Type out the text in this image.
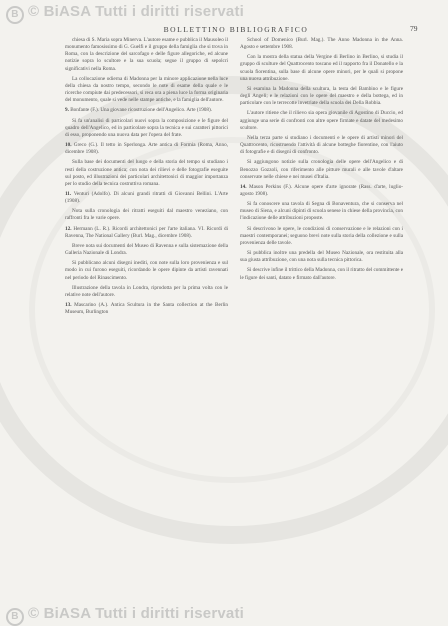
B © BiASA Tutti i diritti riservati
BOLLETTINO BIBLIOGRAFICO	79

chiesa di S. Maria sopra Minerva. L'autore esame e pubblica il Mausoleo il monumento famosissimo di G. Guelfi e il gruppo della famiglia che si trova in Roma, con la descrizione del sarcofago e delle figure allegoriche, ed alcune notizie sopra lo scultore e la sua scuola; segue il gruppo di sepolcri significativi nella Roma.

La collocazione odierna di Madonna per la minore applicazione nella luce della chiesa da nostro tempo, secondo le note di esame della quale e le ricerche compiute dai predecessori, si reca ora a piena luce la forma originaria del monumento, quale si vede nelle stampe antiche, e la famiglia dell'autore.

9. Bonfante (F.). Una giovane ricostruzione dell'Angelico. Arte (1908).

Si fa un'analisi di particolari nuovi sopra la composizione e le figure del quadro dell'Angelico, ed in particolare sopra la tecnica e sui caratteri pittorici di esso, proponendo una nuova data per l'opera del frate.

10. Greco (G.). Il tetto in Sperlonga. Arte antica di Formia (Roma, Anno, dicembre 1908).

Sulla base dei documenti del luogo e della storia del tempo si studiano i resti della costruzione antica; con nota dei rilievi e delle fotografie eseguite sul posto, ed illustrazioni dei particolari architettonici di maggior importanza per lo studio della tecnica costruttiva romana.

11. Venturi (Adolfo). Di alcuni grandi ritratti di Giovanni Bellini. L'Arte (1908).

Nota sulla cronologia dei ritratti eseguiti dal maestro veneziano, con raffronti fra le varie opere.

12. Hermann (L. R.). Ricordi architettonici per l'arte italiana. VI. Ricordi di Ravenna, The National Gallery (Burl. Mag., dicembre 1908).

Breve nota sui documenti del Museo di Ravenna e sulla sistemazione della Galleria Nazionale di Londra.

Si pubblicano alcuni disegni inediti, con note sulla loro provenienza e sul modo in cui furono eseguiti, ricordando le opere dipinte da artisti ravennati nel periodo del Rinascimento.

Illustrazione della tavola in Londra, riprodotta per la prima volta con le relative note dell'autore.

13. Mascarino (A.). Antica Scultura in the Santa collection at the Berlin Museum, Burlington

School of Domenico (Burl. Mag.). The Anno Madonna in the Anna. Agosto e settembre 1908.

Con la mostra della statua della Vergine di Berlino in Berlino, si studia il gruppo di sculture del Quattrocento toscano ed il rapporto fra il Donatello e la scuola fiorentina, sulla base di alcune opere minori, per le quali si propone una nuova attribuzione.

Si esamina la Madonna della scultura, la testa del Bambino e le figure degli Angeli; e le relazioni con le opere del maestro e della bottega, ed in particolare con le terrecotte invetriate della scuola dei Della Robbia.

L'autore ritiene che il rilievo sia opera giovanile di Agostino di Duccio, ed aggiunge una serie di confronti con altre opere firmate e datate del medesimo scultore.

Nella terza parte si studiano i documenti e le opere di artisti minori del Quattrocento, ricostruendo l'attività di alcune botteghe fiorentine, con l'aiuto di fotografie e di disegni di confronto.

Si aggiungono notizie sulla cronologia delle opere dell'Angelico e di Benozzo Gozzoli, con riferimento alle pitture murali e alle tavole d'altare conservate nelle chiese e nei musei d'Italia.

14. Mason Perkins (F.). Alcune opere d'arte ignorate (Rass. d'arte, luglio-agosto 1908).

Si fa conoscere una tavola di Segna di Bonaventura, che si conserva nel museo di Siena, e alcuni dipinti di scuola senese in chiese della provincia, con l'indicazione delle attribuzioni proposte.

Si descrivono le opere, le condizioni di conservazione e le relazioni con i maestri contemporanei; seguono brevi note sulla storia della collezione e sulla provenienza delle tavole.

Si pubblica inoltre una predella del Museo Nazionale, ora restituita alla sua giusta attribuzione, con una nota sulla tecnica pittorica.

Si descrive infine il trittico della Madonna, con il ritratto del committente e le figure dei santi, datato e firmato dall'autore.

B © BiASA Tutti i diritti riservati
